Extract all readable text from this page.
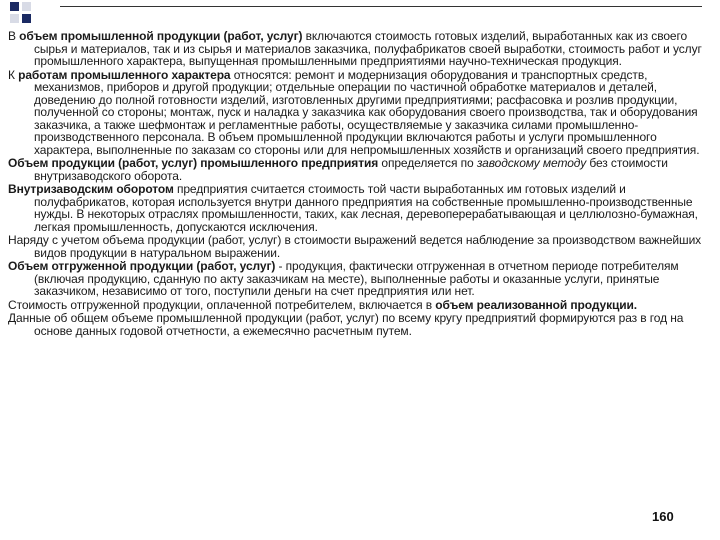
В объем промышленной продукции (работ, услуг) включаются стоимость готовых изделий, выработанных как из своего сырья и материалов, так и из сырья и материалов заказчика, полуфабрикатов своей выработки, стоимость работ и услуг промышленного характера, выпущенная промышленными предприятиями научно-техническая продукция.

К работам промышленного характера относятся: ремонт и модернизация оборудования и транспортных средств, механизмов, приборов и другой продукции; отдельные операции по частичной обработке материалов и деталей, доведению до полной готовности изделий, изготовленных другими предприятиями; расфасовка и розлив продукции, полученной со стороны; монтаж, пуск и наладка у заказчика как оборудования своего производства, так и оборудования заказчика, а также шефмонтаж и регламентные работы, осуществляемые у заказчика силами промышленно-производственного персонала. В объем промышленной продукции включаются работы и услуги промышленного характера, выполненные по заказам со стороны или для непромышленных хозяйств и организаций своего предприятия.

Объем продукции (работ, услуг) промышленного предприятия определяется по заводскому методу без стоимости внутризаводского оборота.

Внутризаводским оборотом предприятия считается стоимость той части выработанных им готовых изделий и полуфабрикатов, которая используется внутри данного предприятия на собственные промышленно-производственные нужды. В некоторых отраслях промышленности, таких, как лесная, деревоперерабатывающая и целлюлозно-бумажная, легкая промышленность, допускаются исключения.

Наряду с учетом объема продукции (работ, услуг) в стоимости выражений ведется наблюдение за производством важнейших видов продукции в натуральном выражении.

Объем отгруженной продукции (работ, услуг) - продукция, фактически отгруженная в отчетном периоде потребителям (включая продукцию, сданную по акту заказчикам на месте), выполненные работы и оказанные услуги, принятые заказчиком, независимо от того, поступили деньги на счет предприятия или нет.

Стоимость отгруженной продукции, оплаченной потребителем, включается в объем реализованной продукции.

Данные об общем объеме промышленной продукции (работ, услуг) по всему кругу предприятий формируются раз в год на основе данных годовой отчетности, а ежемесячно расчетным путем.

160
